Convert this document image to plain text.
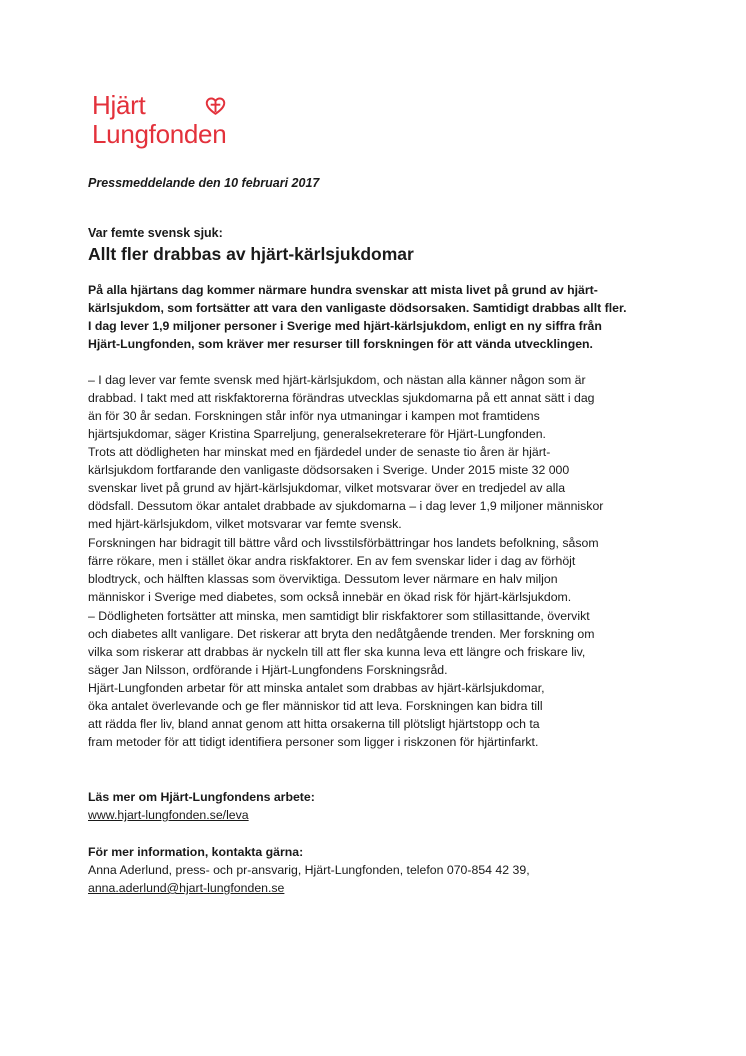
Hjärt
Lungfonden
Pressmeddelande den 10 februari 2017
Var femte svensk sjuk:
Allt fler drabbas av hjärt-kärlsjukdomar

På alla hjärtans dag kommer närmare hundra svenskar att mista livet på grund av hjärt-
kärlsjukdom, som fortsätter att vara den vanligaste dödsorsaken. Samtidigt drabbas allt fler.
I dag lever 1,9 miljoner personer i Sverige med hjärt-kärlsjukdom, enligt en ny siffra från
Hjärt-Lungfonden, som kräver mer resurser till forskningen för att vända utvecklingen.

– I dag lever var femte svensk med hjärt-kärlsjukdom, och nästan alla känner någon som är
drabbad. I takt med att riskfaktorerna förändras utvecklas sjukdomarna på ett annat sätt i dag
än för 30 år sedan. Forskningen står inför nya utmaningar i kampen mot framtidens
hjärtsjukdomar, säger Kristina Sparreljung, generalsekreterare för Hjärt-Lungfonden.

Trots att dödligheten har minskat med en fjärdedel under de senaste tio åren är hjärt-
kärlsjukdom fortfarande den vanligaste dödsorsaken i Sverige. Under 2015 miste 32 000
svenskar livet på grund av hjärt-kärlsjukdomar, vilket motsvarar över en tredjedel av alla
dödsfall. Dessutom ökar antalet drabbade av sjukdomarna – i dag lever 1,9 miljoner människor
med hjärt-kärlsjukdom, vilket motsvarar var femte svensk.

Forskningen har bidragit till bättre vård och livsstilsförbättringar hos landets befolkning, såsom
färre rökare, men i stället ökar andra riskfaktorer. En av fem svenskar lider i dag av förhöjt
blodtryck, och hälften klassas som överviktiga. Dessutom lever närmare en halv miljon
människor i Sverige med diabetes, som också innebär en ökad risk för hjärt-kärlsjukdom.

– Dödligheten fortsätter att minska, men samtidigt blir riskfaktorer som stillasittande, övervikt
och diabetes allt vanligare. Det riskerar att bryta den nedåtgående trenden. Mer forskning om
vilka som riskerar att drabbas är nyckeln till att fler ska kunna leva ett längre och friskare liv,
säger Jan Nilsson, ordförande i Hjärt-Lungfondens Forskningsråd.

Hjärt-Lungfonden arbetar för att minska antalet som drabbas av hjärt-kärlsjukdomar,
öka antalet överlevande och ge fler människor tid att leva. Forskningen kan bidra till
att rädda fler liv, bland annat genom att hitta orsakerna till plötsligt hjärtstopp och ta
fram metoder för att tidigt identifiera personer som ligger i riskzonen för hjärtinfarkt.

Läs mer om Hjärt-Lungfondens arbete:
www.hjart-lungfonden.se/leva
För mer information, kontakta gärna:
Anna Aderlund, press- och pr-ansvarig, Hjärt-Lungfonden, telefon 070-854 42 39,
anna.aderlund@hjart-lungfonden.se
